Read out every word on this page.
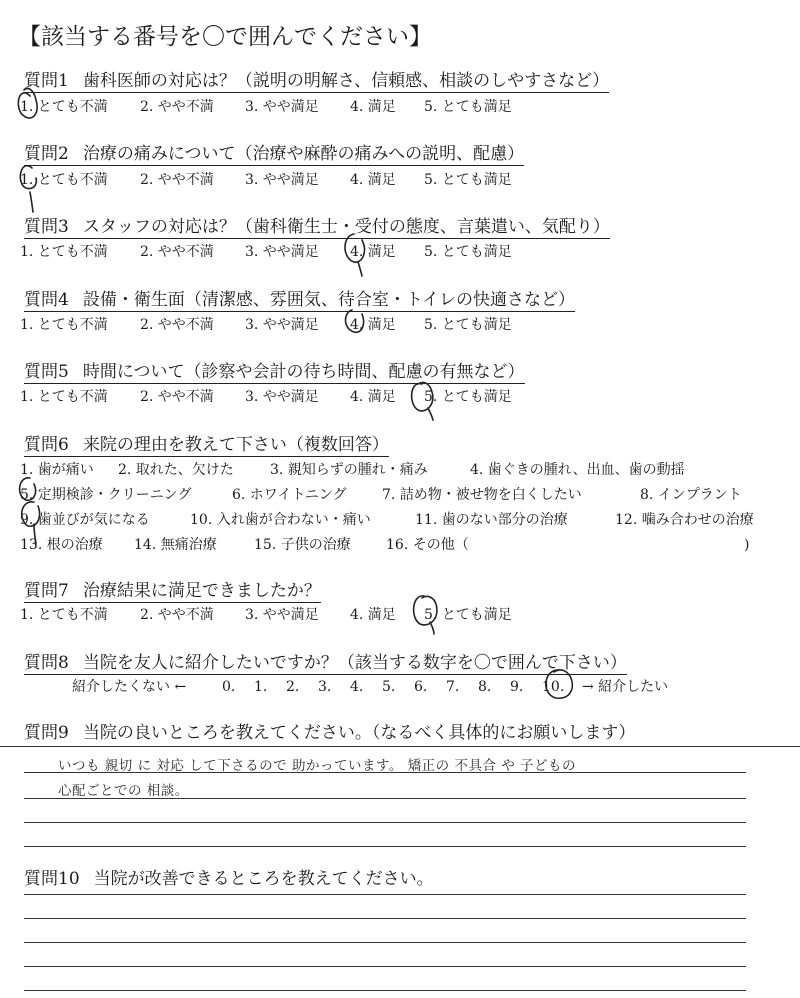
【該当する番号を〇で囲んでください】
質問1 歯科医師の対応は？（説明の明解さ、信頼感、相談のしやすさなど）
1. とても不満 2. やや不満 3. やや満足 4. 満足 5. とても満足
質問2 治療の痛みについて（治療や麻酔の痛みへの説明、配慮）
1. とても不満 2. やや不満 3. やや満足 4. 満足 5. とても満足
質問3 スタッフの対応は？（歯科衛生士・受付の態度、言葉遣い、気配り）
1. とても不満 2. やや不満 3. やや満足 4. 満足 5. とても満足
質問4 設備・衛生面（清潔感、雰囲気、待合室・トイレの快適さなど）
1. とても不満 2. やや不満 3. やや満足 4. 満足 5. とても満足
質問5 時間について（診察や会計の待ち時間、配慮の有無など）
1. とても不満 2. やや不満 3. やや満足 4. 満足 5. とても満足
質問6 来院の理由を教えて下さい（複数回答）
1. 歯が痛い 2. 取れた、欠けた	3. 親知らずの腫れ・痛み	4. 歯ぐきの腫れ、出血、歯の動揺
5. 定期検診・クリーニング	6. ホワイトニング	7. 詰め物・被せ物を白くしたい	8. インプラント
9. 歯並びが気になる	10. 入れ歯が合わない・痛い	11. 歯のない部分の治療	12. 噛み合わせの治療
13. 根の治療 14. 無痛治療	15. 子供の治療	16. その他（	)
質問7 治療結果に満足できましたか？
1. とても不満 2. やや不満 3. やや満足 4. 満足 5. とても満足
質問8 当院を友人に紹介したいですか？（該当する数字を〇で囲んで下さい）
紹介したくない ←	0. 1. 2. 3. 4. 5. 6. 7. 8. 9. 10. → 紹介したい
質問9 当院の良いところを教えてください。（なるべく具体的にお願いします）
いつも 親切 に 対応 して下さるので 助かっています。 矯正の 不具合 や 子どもの
心配ごとでの 相談。
質問10 当院が改善できるところを教えてください。
